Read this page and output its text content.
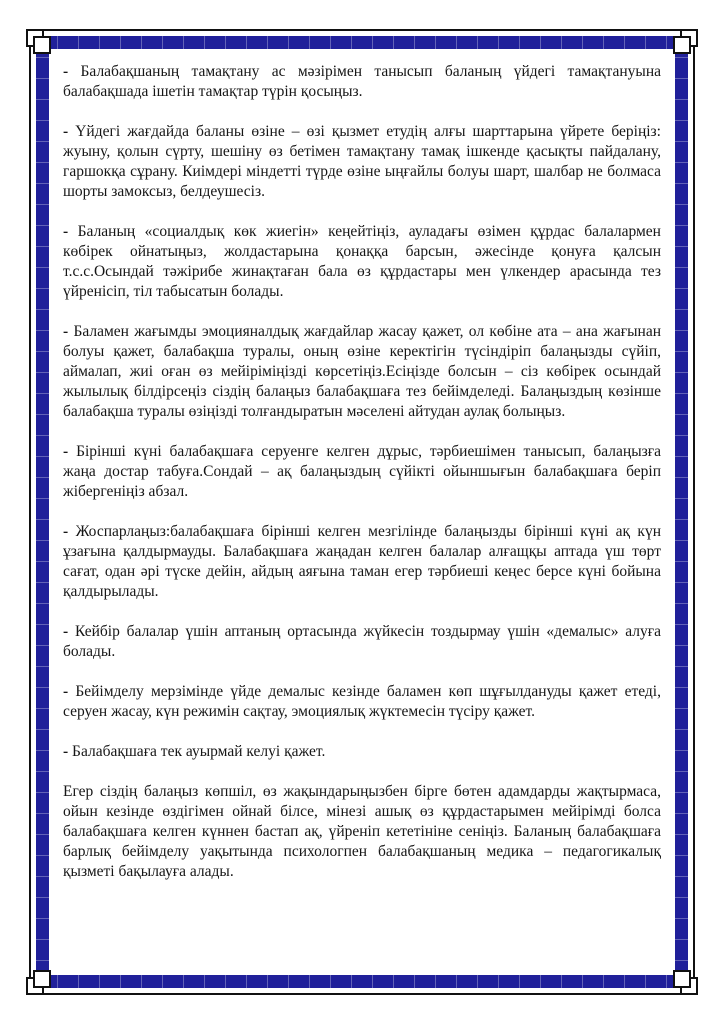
- Балабақшаның тамақтану ас мәзірімен танысып баланың үйдегі тамақтануына балабақшада ішетін тамақтар түрін қосыңыз.

- Үйдегі жағдайда баланы өзіне – өзі қызмет етудің алғы шарттарына үйрете беріңіз: жуыну, қолын сүрту, шешіну өз бетімен тамақтану тамақ ішкенде қасықты пайдалану, гаршокқа сұрану. Киімдері міндетті түрде өзіне ыңғайлы болуы шарт, шалбар не болмаса шорты замоксыз, белдеушесіз.

- Баланың «социалдық көк жиегін» кеңейтіңіз, ауладағы өзімен құрдас балалармен көбірек ойнатыңыз, жолдастарына қонаққа барсын, әжесінде қонуға қалсын т.с.с.Осындай тәжірибе жинақтаған бала өз құрдастары мен үлкендер арасында тез үйренісіп, тіл табысатын болады.

- Баламен жағымды эмоцияналдық жағдайлар жасау қажет, ол көбіне ата – ана жағынан болуы қажет, балабақша туралы, оның өзіне керектігін түсіндіріп балаңызды сүйіп, аймалап, жиі оған өз мейіріміңізді көрсетіңіз.Есіңізде болсын – сіз көбірек осындай жылылық білдірсеңіз сіздің балаңыз балабақшаға тез бейімделеді. Балаңыздың көзінше балабақша туралы өзіңізді толғандыратын мәселені айтудан аулақ болыңыз.

- Бірінші күні балабақшаға серуенге келген дұрыс, тәрбиешімен танысып, балаңызға жаңа достар табуға.Сондай – ақ балаңыздың сүйікті ойыншығын балабақшаға беріп жібергеніңіз абзал.

- Жоспарлаңыз:балабақшаға бірінші келген мезгілінде балаңызды бірінші күні ақ күн ұзағына қалдырмауды. Балабақшаға жаңадан келген балалар алғащқы аптада үш төрт сағат, одан әрі түске дейін, айдың аяғына таман егер тәрбиеші кеңес берсе күні бойына қалдырылады.

- Кейбір балалар үшін аптаның ортасында жүйкесін тоздырмау үшін «демалыс» алуға болады.

- Бейімделу мерзімінде үйде демалыс кезінде баламен көп шұғылдануды қажет етеді, серуен жасау, күн режимін сақтау, эмоциялық жүктемесін түсіру қажет.

- Балабақшаға тек ауырмай келуі қажет.

Егер сіздің балаңыз көпшіл, өз жақындарыңызбен бірге бөтен адамдарды жақтырмаса, ойын кезінде өздігімен ойнай білсе, мінезі ашық өз құрдастарымен мейірімді болса балабақшаға келген күннен бастап ақ, үйреніп кететініне сеніңіз. Баланың балабақшаға барлық бейімделу уақытында психологпен балабақшаның медика – педагогикалық қызметі бақылауға алады.
